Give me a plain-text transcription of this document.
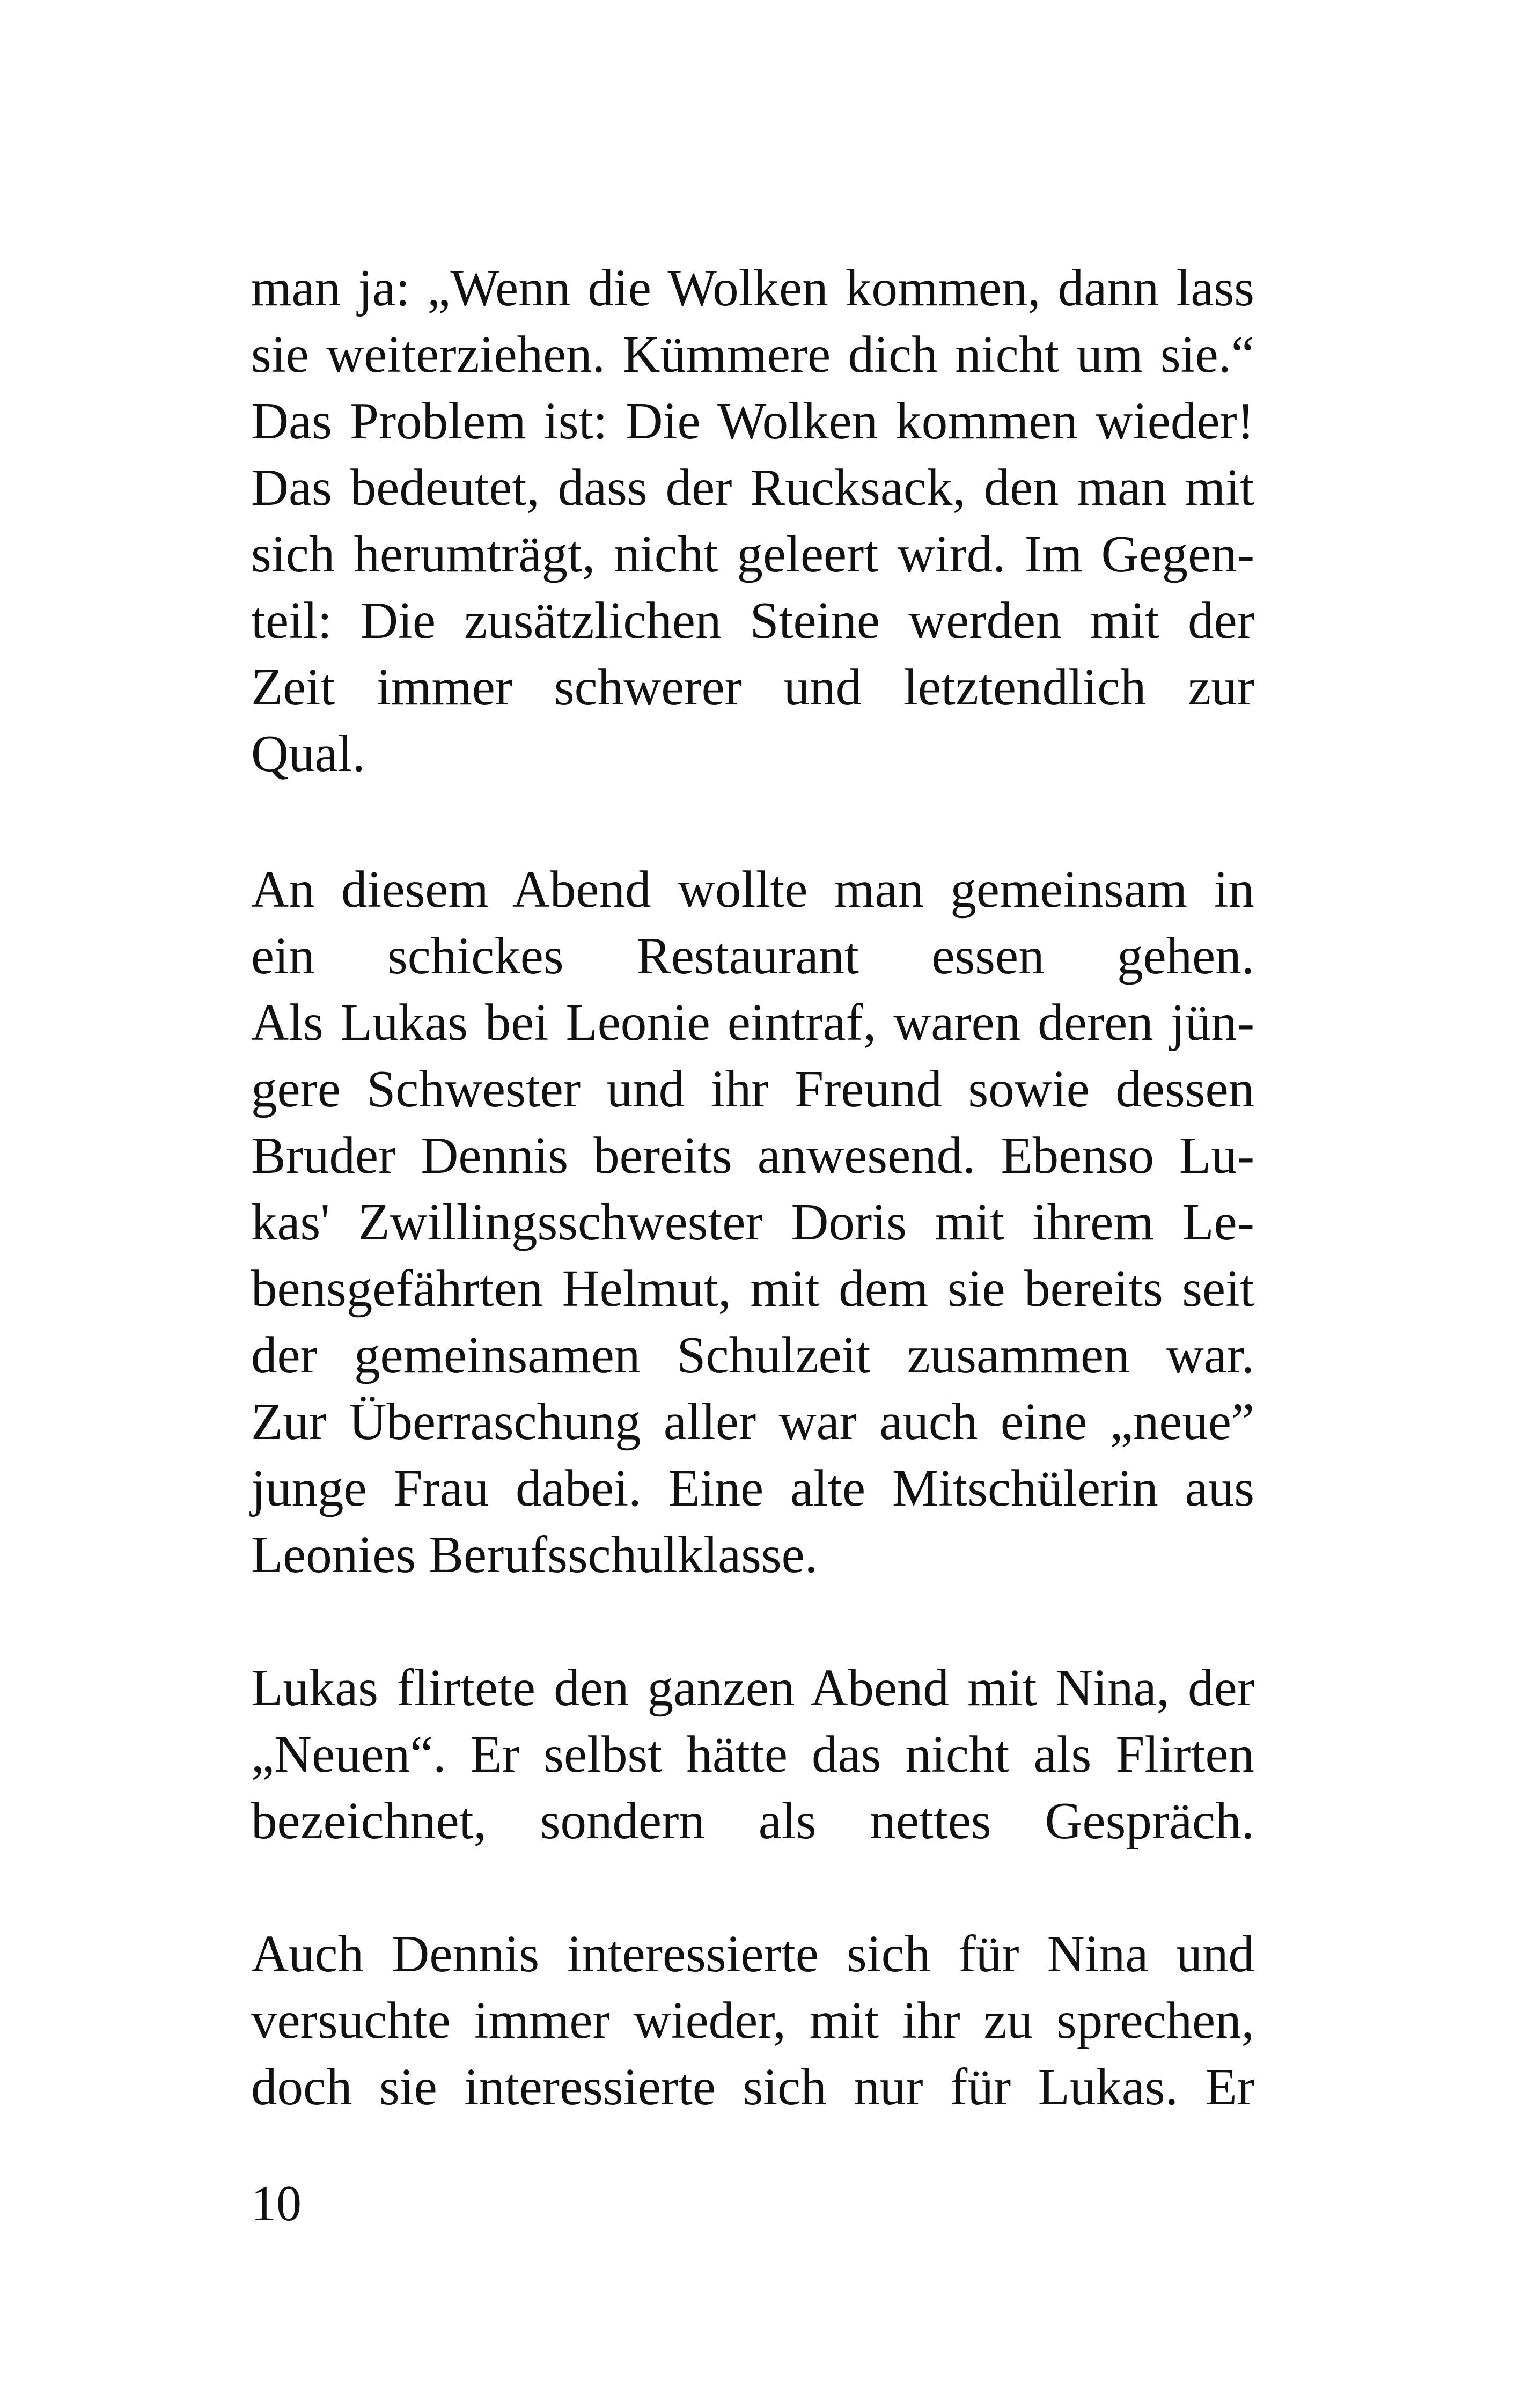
man ja: „Wenn die Wolken kommen, dann lass
sie weiterziehen. Kümmere dich nicht um sie.“
Das Problem ist: Die Wolken kommen wieder!
Das bedeutet, dass der Rucksack, den man mit
sich herumträgt, nicht geleert wird. Im Gegen-
teil: Die zusätzlichen Steine werden mit der
Zeit immer schwerer und letztendlich zur
Qual.
An diesem Abend wollte man gemeinsam in
ein schickes Restaurant essen gehen.
Als Lukas bei Leonie eintraf, waren deren jün-
gere Schwester und ihr Freund sowie dessen
Bruder Dennis bereits anwesend. Ebenso Lu-
kas' Zwillingsschwester Doris mit ihrem Le-
bensgefährten Helmut, mit dem sie bereits seit
der gemeinsamen Schulzeit zusammen war.
Zur Überraschung aller war auch eine „neue”
junge Frau dabei. Eine alte Mitschülerin aus
Leonies Berufsschulklasse.
Lukas flirtete den ganzen Abend mit Nina, der
„Neuen“. Er selbst hätte das nicht als Flirten
bezeichnet, sondern als nettes Gespräch.
Auch Dennis interessierte sich für Nina und
versuchte immer wieder, mit ihr zu sprechen,
doch sie interessierte sich nur für Lukas. Er
10
